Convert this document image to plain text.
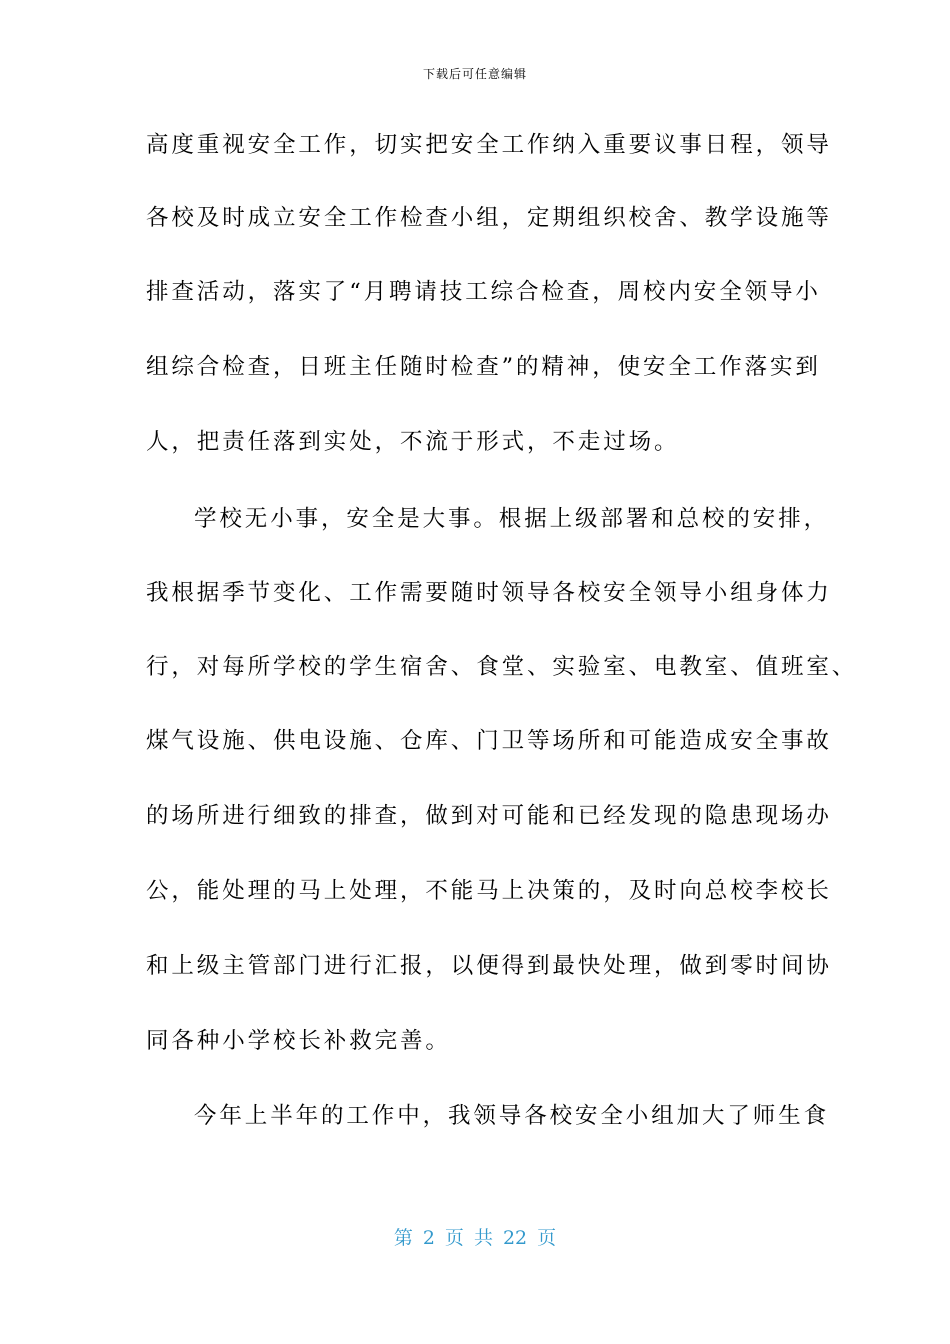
下载后可任意编辑
高度重视安全工作，切实把安全工作纳入重要议事日程，领导
各校及时成立安全工作检查小组，定期组织校舍、教学设施等
排查活动，落实了“月聘请技工综合检查，周校内安全领导小
组综合检查，日班主任随时检查”的精神，使安全工作落实到
人，把责任落到实处，不流于形式，不走过场。
学校无小事，安全是大事。根据上级部署和总校的安排，
我根据季节变化、工作需要随时领导各校安全领导小组身体力
行，对每所学校的学生宿舍、食堂、实验室、电教室、值班室、
煤气设施、供电设施、仓库、门卫等场所和可能造成安全事故
的场所进行细致的排查，做到对可能和已经发现的隐患现场办
公，能处理的马上处理，不能马上决策的，及时向总校李校长
和上级主管部门进行汇报，以便得到最快处理，做到零时间协
同各种小学校长补救完善。
今年上半年的工作中，我领导各校安全小组加大了师生食
第 2 页 共 22 页
